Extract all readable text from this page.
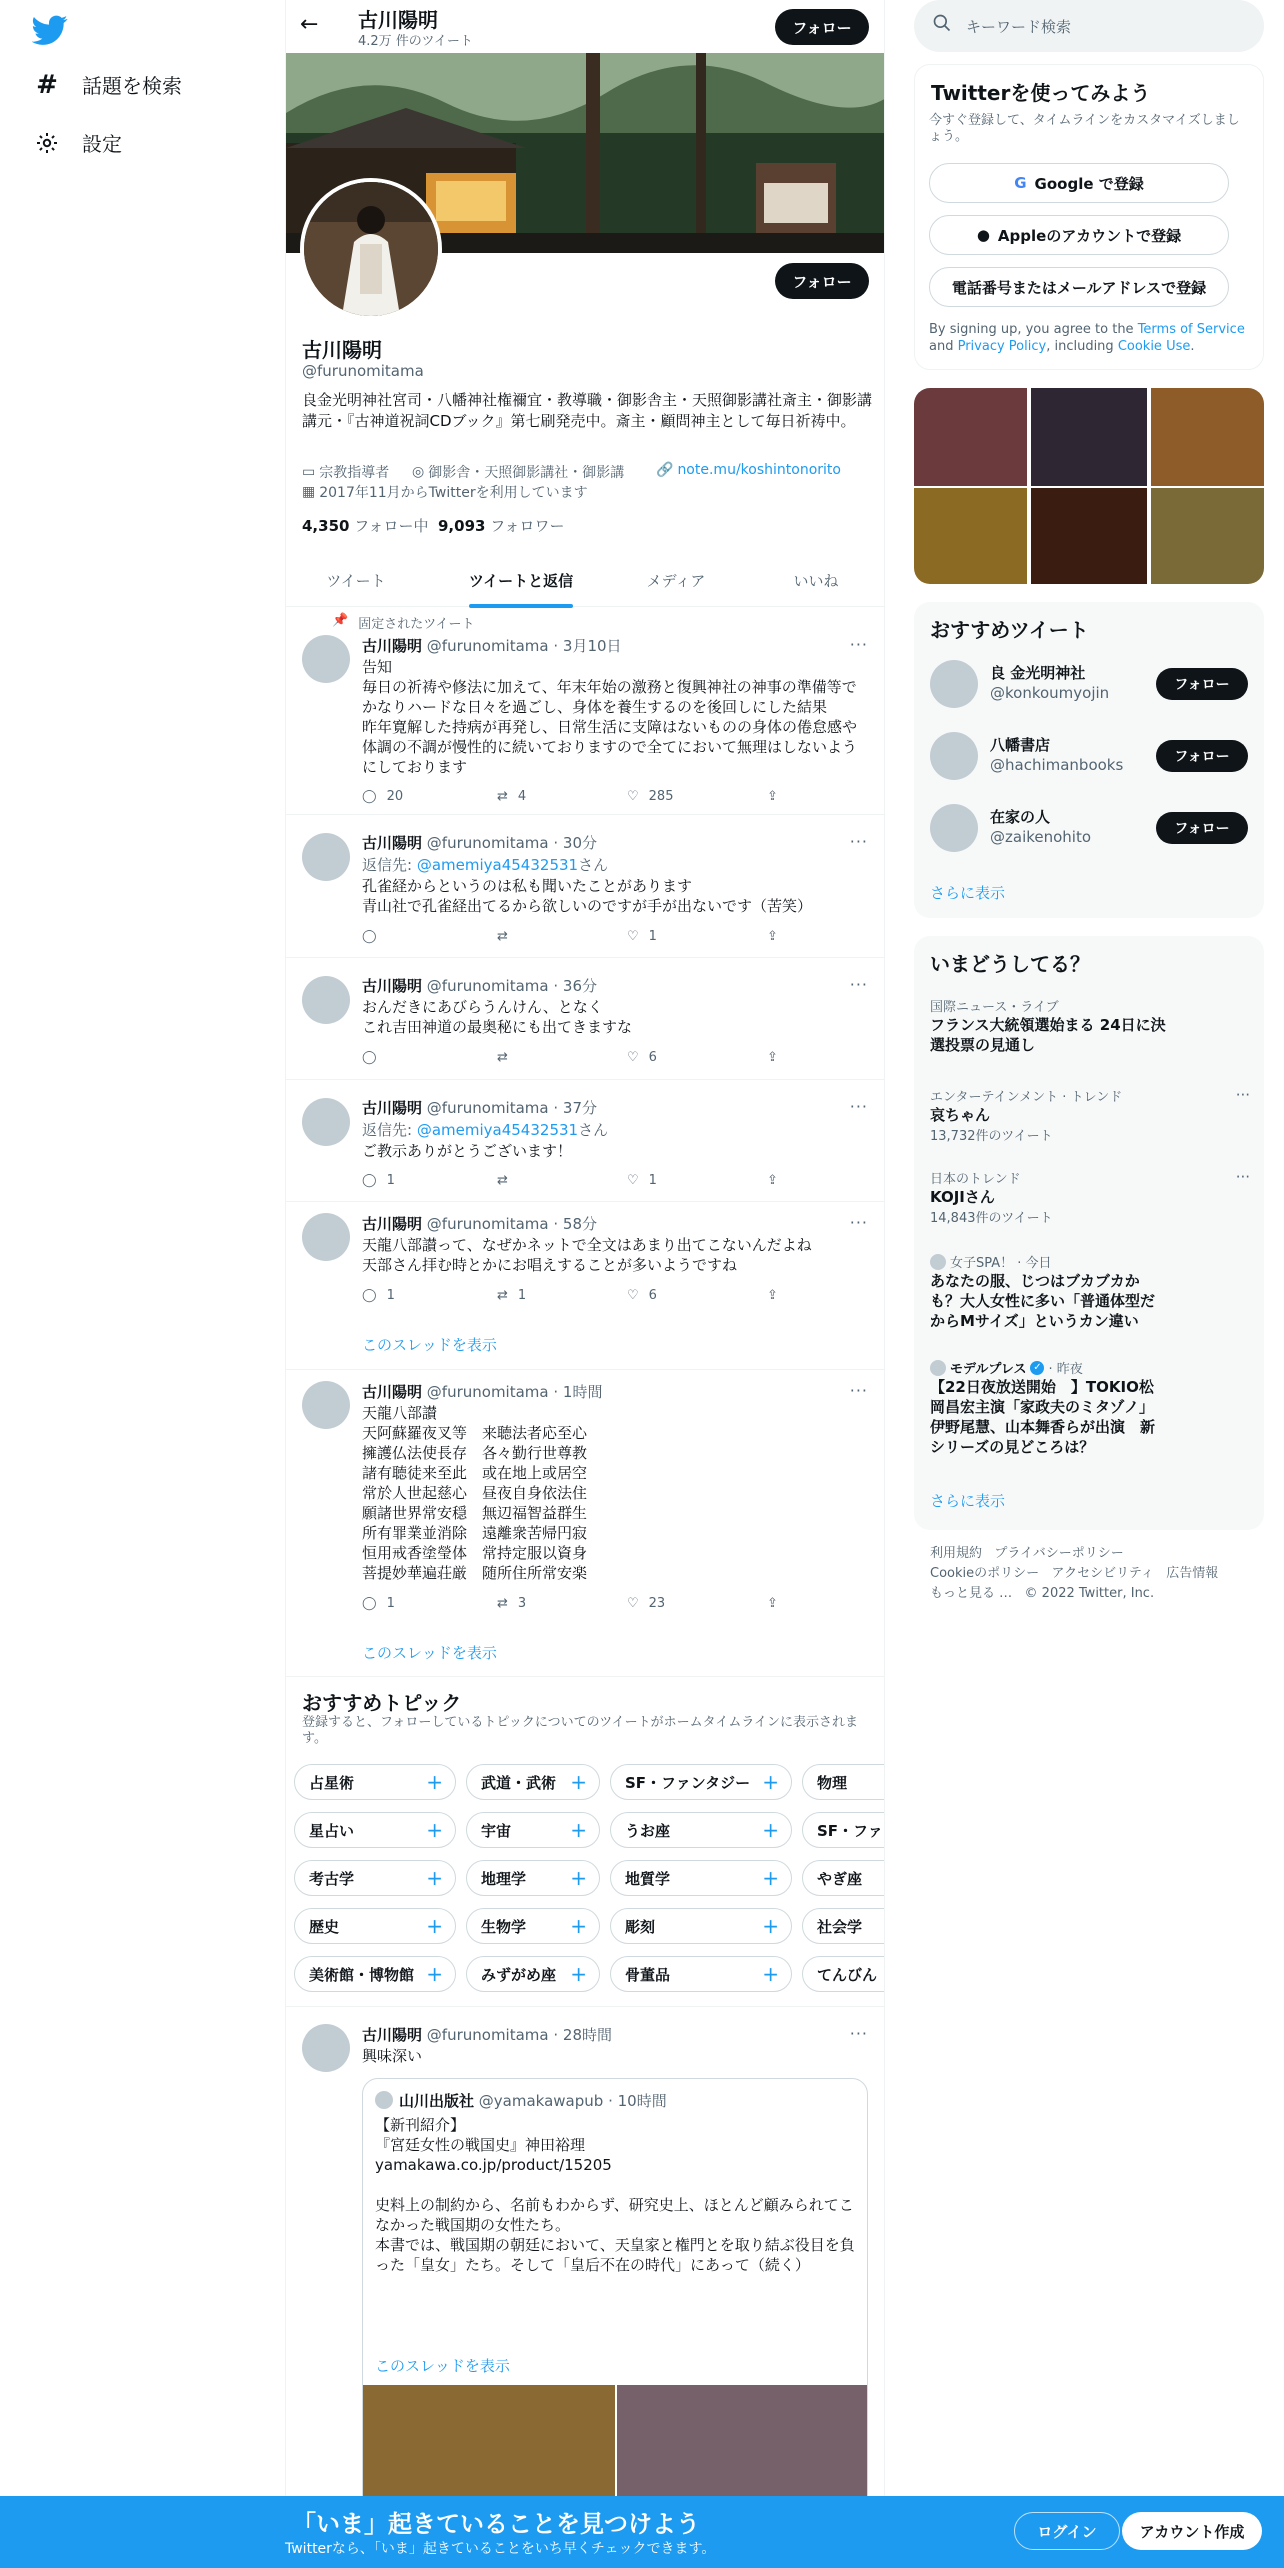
# 話題を検索
設定
← 古川陽明
4.2万 件のツイート
フォロー
フォロー
古川陽明
@furunomitama
良金光明神社宮司・八幡神社権禰宜・教導職・御影舎主・天照御影講社斎主・御影講講元・『古神道祝詞CDブック』第七刷発売中。斎主・顧問神主として毎日祈祷中。
▭ 宗教指導者 ◎ 御影舎・天照御影講社・御影講 🔗 note.mu/koshintonorito
▦ 2017年11月からTwitterを利用しています
4,350 フォロー中 9,093 フォロワー
ツイート	ツイートと返信	メディア	いいね
📌 固定されたツイート
古川陽明 @furunomitama · 3月10日	···
告知
毎日の祈祷や修法に加えて、年末年始の激務と復興神社の神事の準備等でかなりハードな日々を過ごし、身体を養生するのを後回しにした結果
昨年寛解した持病が再発し、日常生活に支障はないものの身体の倦怠感や体調の不調が慢性的に続いておりますので全てにおいて無理はしないようにしております
◯ 20	⇄ 4	♡ 285	⇪
古川陽明 @furunomitama · 30分	···
返信先: @amemiya45432531さん
孔雀経からというのは私も聞いたことがあります
青山社で孔雀経出てるから欲しいのですが手が出ないです（苦笑）
◯	⇄	♡ 1	⇪
古川陽明 @furunomitama · 36分	···
おんだきにあびらうんけん、となく
これ吉田神道の最奥秘にも出てきますな
◯	⇄	♡ 6	⇪
古川陽明 @furunomitama · 37分	···
返信先: @amemiya45432531さん
ご教示ありがとうございます！
◯ 1	⇄	♡ 1	⇪
古川陽明 @furunomitama · 58分	···
天龍八部讃って、なぜかネットで全文はあまり出てこないんだよね
天部さん拝む時とかにお唱えすることが多いようですね
◯ 1	⇄ 1	♡ 6	⇪
このスレッドを表示
古川陽明 @furunomitama · 1時間	···
天龍八部讃
天阿蘇羅夜叉等　来聴法者応至心
擁護仏法使長存　各々勤行世尊教
諸有聴徒来至此　或在地上或居空
常於人世起慈心　昼夜自身依法住
願諸世界常安穏　無辺福智益群生
所有罪業並消除　遠離衆苦帰円寂
恒用戒香塗瑩体　常持定服以資身
菩提妙華遍荘厳　随所住所常安楽
◯ 1	⇄ 3	♡ 23	⇪
このスレッドを表示
おすすめトピック
登録すると、フォローしているトピックについてのツイートがホームタイムラインに表示されます。
占星術	+	武道・武術 +	SF・ファンタジー +	物理
星占い	+	宇宙	+	うお座	+	SF・ファ
考古学	+	地理学 +	地質学	+	やぎ座
歴史	+	生物学 +	彫刻	+	社会学
美術館・博物館 +	みずがめ座 +	骨董品	+	てんびん
古川陽明 @furunomitama · 28時間	···
興味深い
山川出版社 @yamakawapub · 10時間
【新刊紹介】
『宮廷女性の戦国史』神田裕理
yamakawa.co.jp/product/15205

史料上の制約から、名前もわからず、研究史上、ほとんど顧みられてこなかった戦国期の女性たち。
本書では、戦国期の朝廷において、天皇家と権門とを取り結ぶ役目を負った「皇女」たち。そして「皇后不在の時代」にあって（続く）
このスレッドを表示
キーワード検索
Twitterを使ってみよう
今すぐ登録して、タイムラインをカスタマイズしましょう。
G Google で登録
● Appleのアカウントで登録
電話番号またはメールアドレスで登録
By signing up, you agree to the Terms of Service and Privacy Policy, including Cookie Use.
おすすめツイート
良 金光明神社
@konkoumyojin	フォロー
八幡書店
@hachimanbooks	フォロー
在家の人
@zaikenohito	フォロー
さらに表示
いまどうしてる？
国際ニュース・ライブ
フランス大統領選始まる 24日に決選投票の見通し
エンターテインメント · トレンド
哀ちゃん
13,732件のツイート
···
日本のトレンド
KOJIさん
14,843件のツイート
···
女子SPA！ · 今日
あなたの服、じつはブカブカかも？大人女性に多い「普通体型だからMサイズ」というカン違い
モデルプレス ✓ · 昨夜
【22日夜放送開始　】TOKIO松岡昌宏主演「家政夫のミタゾノ」伊野尾慧、山本舞香らが出演　新シリーズの見どころは？
さらに表示
利用規約 プライバシーポリシー
Cookieのポリシー アクセシビリティ 広告情報
もっと見る … © 2022 Twitter, Inc.
「いま」起きていることを見つけよう
Twitterなら、「いま」起きていることをいち早くチェックできます。
ログイン	アカウント作成
